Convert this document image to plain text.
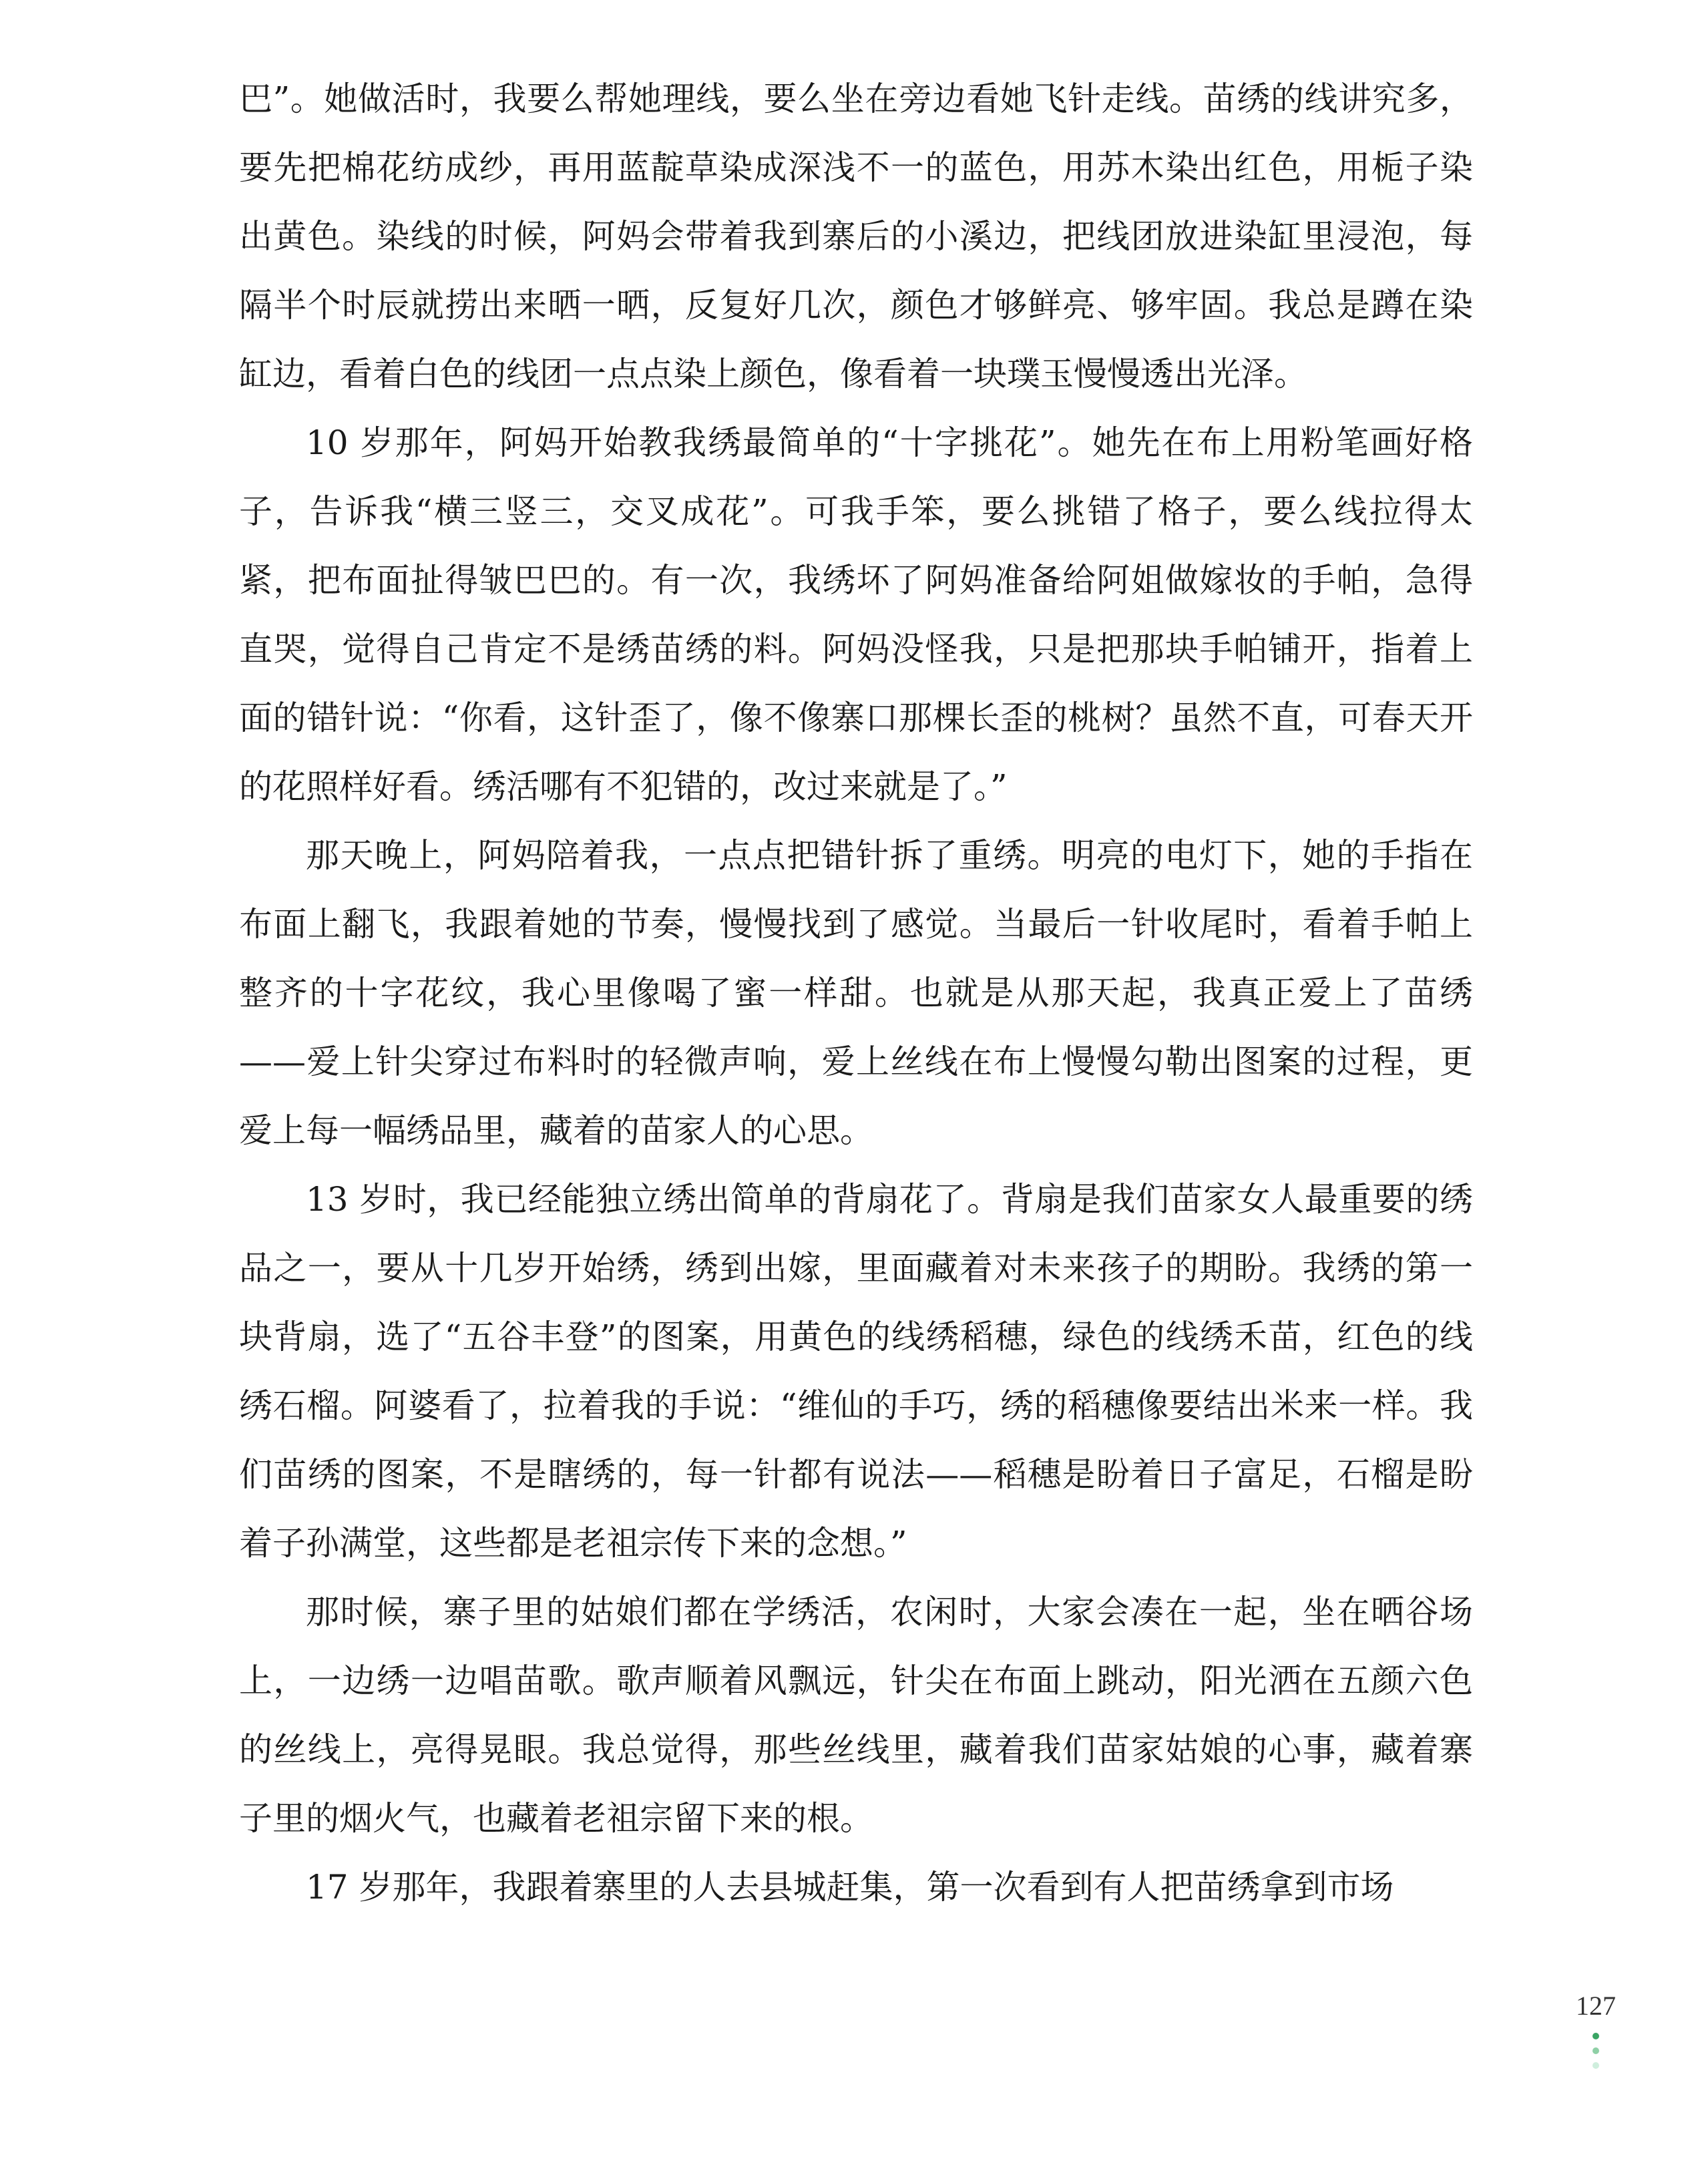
巴”。她做活时，我要么帮她理线，要么坐在旁边看她飞针走线。苗绣的线讲究多，要先把棉花纺成纱，再用蓝靛草染成深浅不一的蓝色，用苏木染出红色，用栀子染出黄色。染线的时候，阿妈会带着我到寨后的小溪边，把线团放进染缸里浸泡，每隔半个时辰就捞出来晒一晒，反复好几次，颜色才够鲜亮、够牢固。我总是蹲在染缸边，看着白色的线团一点点染上颜色，像看着一块璞玉慢慢透出光泽。

10 岁那年，阿妈开始教我绣最简单的“十字挑花”。她先在布上用粉笔画好格子，告诉我“横三竖三，交叉成花”。可我手笨，要么挑错了格子，要么线拉得太紧，把布面扯得皱巴巴的。有一次，我绣坏了阿妈准备给阿姐做嫁妆的手帕，急得直哭，觉得自己肯定不是绣苗绣的料。阿妈没怪我，只是把那块手帕铺开，指着上面的错针说：“你看，这针歪了，像不像寨口那棵长歪的桃树？虽然不直，可春天开的花照样好看。绣活哪有不犯错的，改过来就是了。”

那天晚上，阿妈陪着我，一点点把错针拆了重绣。明亮的电灯下，她的手指在布面上翻飞，我跟着她的节奏，慢慢找到了感觉。当最后一针收尾时，看着手帕上整齐的十字花纹，我心里像喝了蜜一样甜。也就是从那天起，我真正爱上了苗绣——爱上针尖穿过布料时的轻微声响，爱上丝线在布上慢慢勾勒出图案的过程，更爱上每一幅绣品里，藏着的苗家人的心思。

13 岁时，我已经能独立绣出简单的背扇花了。背扇是我们苗家女人最重要的绣品之一，要从十几岁开始绣，绣到出嫁，里面藏着对未来孩子的期盼。我绣的第一块背扇，选了“五谷丰登”的图案，用黄色的线绣稻穗，绿色的线绣禾苗，红色的线绣石榴。阿婆看了，拉着我的手说：“维仙的手巧，绣的稻穗像要结出米来一样。我们苗绣的图案，不是瞎绣的，每一针都有说法——稻穗是盼着日子富足，石榴是盼着子孙满堂，这些都是老祖宗传下来的念想。”

那时候，寨子里的姑娘们都在学绣活，农闲时，大家会凑在一起，坐在晒谷场上，一边绣一边唱苗歌。歌声顺着风飘远，针尖在布面上跳动，阳光洒在五颜六色的丝线上，亮得晃眼。我总觉得，那些丝线里，藏着我们苗家姑娘的心事，藏着寨子里的烟火气，也藏着老祖宗留下来的根。

17 岁那年，我跟着寨里的人去县城赶集，第一次看到有人把苗绣拿到市场

127
